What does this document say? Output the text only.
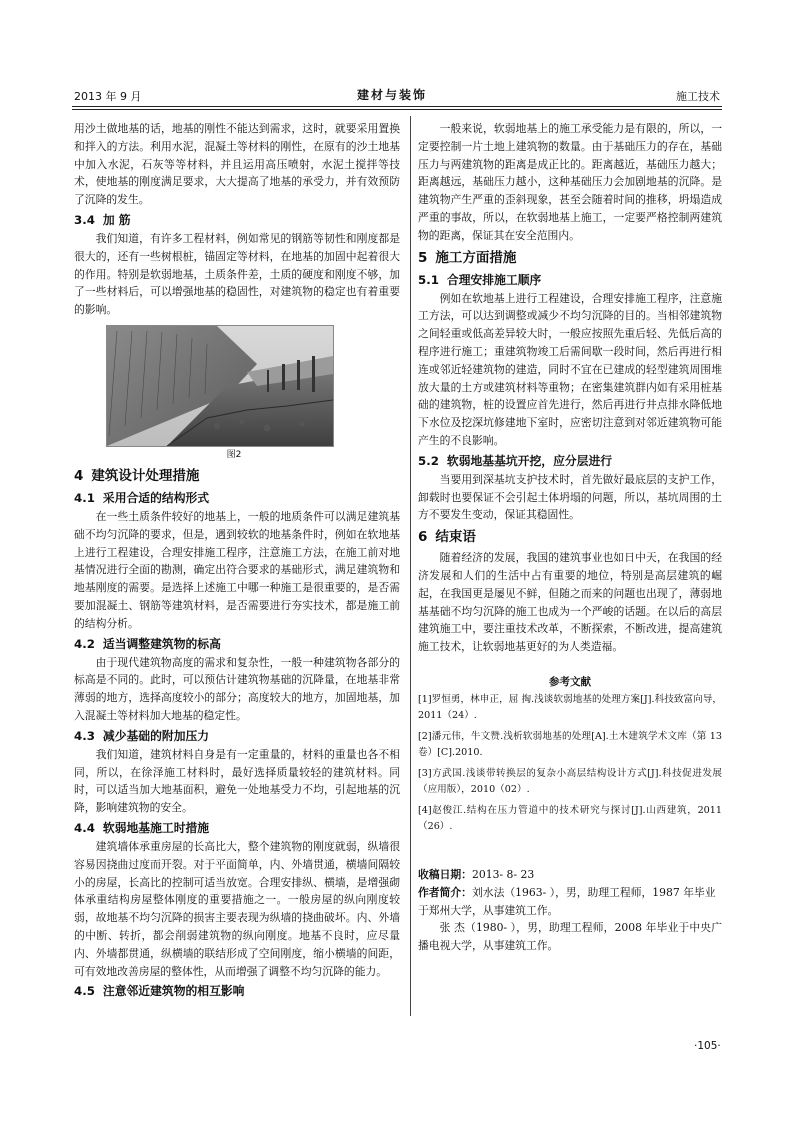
2013 年 9 月	建材与装饰	施工技术

用沙土做地基的话，地基的刚性不能达到需求，这时，就要采用置换和拌入的方法。利用水泥，混凝土等材料的刚性，在原有的沙土地基中加入水泥，石灰等等材料，并且运用高压喷射，水泥土搅拌等技术，使地基的刚度满足要求，大大提高了地基的承受力，并有效预防了沉降的发生。

3.4 加 筋

我们知道，有许多工程材料，例如常见的钢筋等韧性和刚度都是很大的，还有一些树根桩，锚固定等材料，在地基的加固中起着很大的作用。特别是软弱地基，土质条件差，土质的硬度和刚度不够，加了一些材料后，可以增强地基的稳固性，对建筑物的稳定也有着重要的影响。

图2
4 建筑设计处理措施
4.1 采用合适的结构形式

在一些土质条件较好的地基上，一般的地质条件可以满足建筑基础不均匀沉降的要求，但是，遇到较软的地基条件时，例如在软地基上进行工程建设，合理安排施工程序，注意施工方法，在施工前对地基情况进行全面的勘测，确定出符合要求的基础形式，满足建筑物和地基刚度的需要。是选择上述施工中哪一种施工是很重要的，是否需要加混凝土、钢筋等建筑材料，是否需要进行夯实技术，都是施工前的结构分析。

4.2 适当调整建筑物的标高

由于现代建筑物高度的需求和复杂性，一般一种建筑物各部分的标高是不同的。此时，可以预估计建筑物基础的沉降量，在地基非常薄弱的地方，选择高度较小的部分；高度较大的地方，加固地基，加入混凝土等材料加大地基的稳定性。

4.3 减少基础的附加压力

我们知道，建筑材料自身是有一定重量的，材料的重量也各不相同，所以，在徐泽施工材料时，最好选择质量较轻的建筑材料。同时，可以适当加大地基面积，避免一处地基受力不均，引起地基的沉降，影响建筑物的安全。

4.4 软弱地基施工时措施

建筑墙体承重房屋的长高比大，整个建筑物的刚度就弱，纵墙很容易因挠曲过度而开裂。对于平面简单，内、外墙贯通，横墙间隔较小的房屋，长高比的控制可适当放宽。合理安排纵、横墙，是增强砌体承重结构房屋整体刚度的重要措施之一。一般房屋的纵向刚度较弱，故地基不均匀沉降的损害主要表现为纵墙的挠曲破坏。内、外墙的中断、转折，都会削弱建筑物的纵向刚度。地基不良时，应尽量内、外墙都贯通，纵横墙的联结形成了空间刚度，缩小横墙的间距，可有效地改善房屋的整体性，从而增强了调整不均匀沉降的能力。

4.5 注意邻近建筑物的相互影响

一般来说，软弱地基上的施工承受能力是有限的，所以，一定要控制一片土地上建筑物的数量。由于基础压力的存在，基础压力与两建筑物的距离是成正比的。距离越近，基础压力越大；距离越远，基础压力越小，这种基础压力会加剧地基的沉降。是建筑物产生严重的歪斜现象，甚至会随着时间的推移，坍塌造成严重的事故，所以，在软弱地基上施工，一定要严格控制两建筑物的距离，保证其在安全范围内。

5 施工方面措施
5.1 合理安排施工顺序

例如在软地基上进行工程建设，合理安排施工程序，注意施工方法，可以达到调整或减少不均匀沉降的目的。当相邻建筑物之间轻重或低高差异较大时，一般应按照先重后轻、先低后高的程序进行施工；重建筑物竣工后需间歇一段时间，然后再进行相连或邻近轻建筑物的建造，同时不宜在已建成的轻型建筑周围堆放大量的土方或建筑材料等重物；在密集建筑群内如有采用桩基础的建筑物，桩的设置应首先进行，然后再进行井点排水降低地下水位及挖深坑修建地下室时，应密切注意到对邻近建筑物可能产生的不良影响。

5.2 软弱地基基坑开挖，应分层进行

当要用到深基坑支护技术时，首先做好最底层的支护工作，卸载时也要保证不会引起土体坍塌的问题，所以，基坑周围的土方不要发生变动，保证其稳固性。

6 结束语

随着经济的发展，我国的建筑事业也如日中天，在我国的经济发展和人们的生活中占有重要的地位，特别是高层建筑的崛起，在我国更是屡见不鲜，但随之而来的问题也出现了，薄弱地基基础不均匀沉降的施工也成为一个严峻的话题。在以后的高层建筑施工中，要注重技术改革，不断探索，不断改进，提高建筑施工技术，让软弱地基更好的为人类造福。

参考文献

[1]罗恒勇，林申正，屈 掏.浅谈软弱地基的处理方案[J].科技致富向导，2011（24）.

[2]潘元伟，牛文赞.浅析软弱地基的处理[A].土木建筑学术文库（第 13 卷）[C].2010.

[3]方武国.浅谈带转换层的复杂小高层结构设计方式[J].科技促进发展（应用版），2010（02）.

[4]赵俊江.结构在压力管道中的技术研究与探讨[J].山西建筑，2011（26）.

收稿日期：2013- 8- 23
作者简介：刘水法（1963- ），男，助理工程师，1987 年毕业于郑州大学，从事建筑工作。

张 杰（1980- ），男，助理工程师，2008 年毕业于中央广播电视大学，从事建筑工作。

·105·
